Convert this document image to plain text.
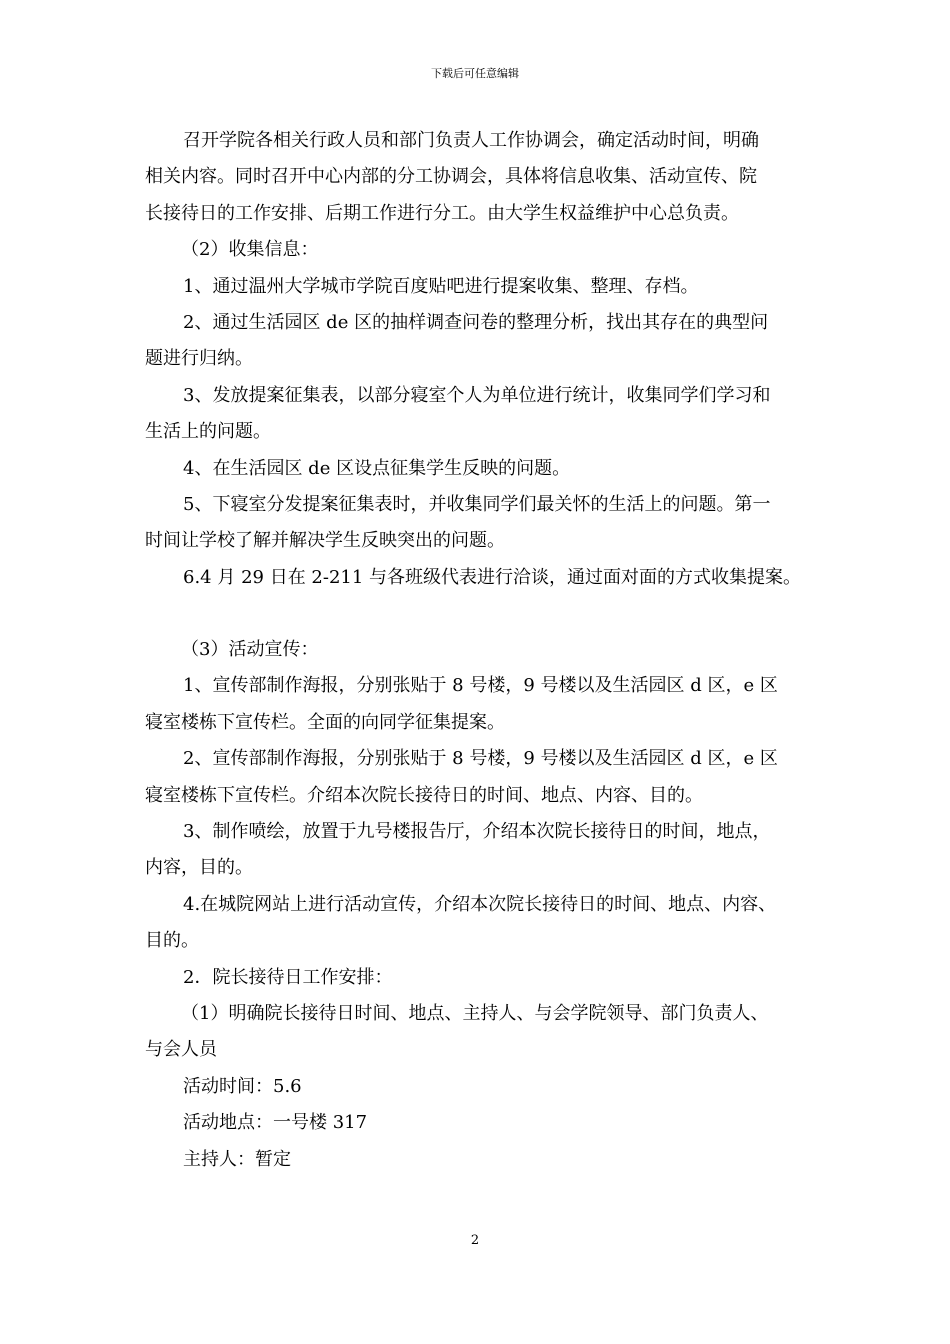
下载后可任意编辑
召开学院各相关行政人员和部门负责人工作协调会，确定活动时间，明确
相关内容。同时召开中心内部的分工协调会，具体将信息收集、活动宣传、院
长接待日的工作安排、后期工作进行分工。由大学生权益维护中心总负责。
（2）收集信息：
1、通过温州大学城市学院百度贴吧进行提案收集、整理、存档。
2、通过生活园区 de 区的抽样调查问卷的整理分析，找出其存在的典型问
题进行归纳。
3、发放提案征集表，以部分寝室个人为单位进行统计，收集同学们学习和
生活上的问题。
4、在生活园区 de 区设点征集学生反映的问题。
5、下寝室分发提案征集表时，并收集同学们最关怀的生活上的问题。第一
时间让学校了解并解决学生反映突出的问题。
6.4 月 29 日在 2-211 与各班级代表进行洽谈，通过面对面的方式收集提案。
（3）活动宣传：
1、宣传部制作海报，分别张贴于 8 号楼，9 号楼以及生活园区 d 区，e 区
寝室楼栋下宣传栏。全面的向同学征集提案。
2、宣传部制作海报，分别张贴于 8 号楼，9 号楼以及生活园区 d 区，e 区
寝室楼栋下宣传栏。介绍本次院长接待日的时间、地点、内容、目的。
3、制作喷绘，放置于九号楼报告厅，介绍本次院长接待日的时间，地点，
内容，目的。
4.在城院网站上进行活动宣传，介绍本次院长接待日的时间、地点、内容、
目的。
2．院长接待日工作安排：
（1）明确院长接待日时间、地点、主持人、与会学院领导、部门负责人、
与会人员
活动时间：5.6
活动地点：一号楼 317
主持人：暂定
2
